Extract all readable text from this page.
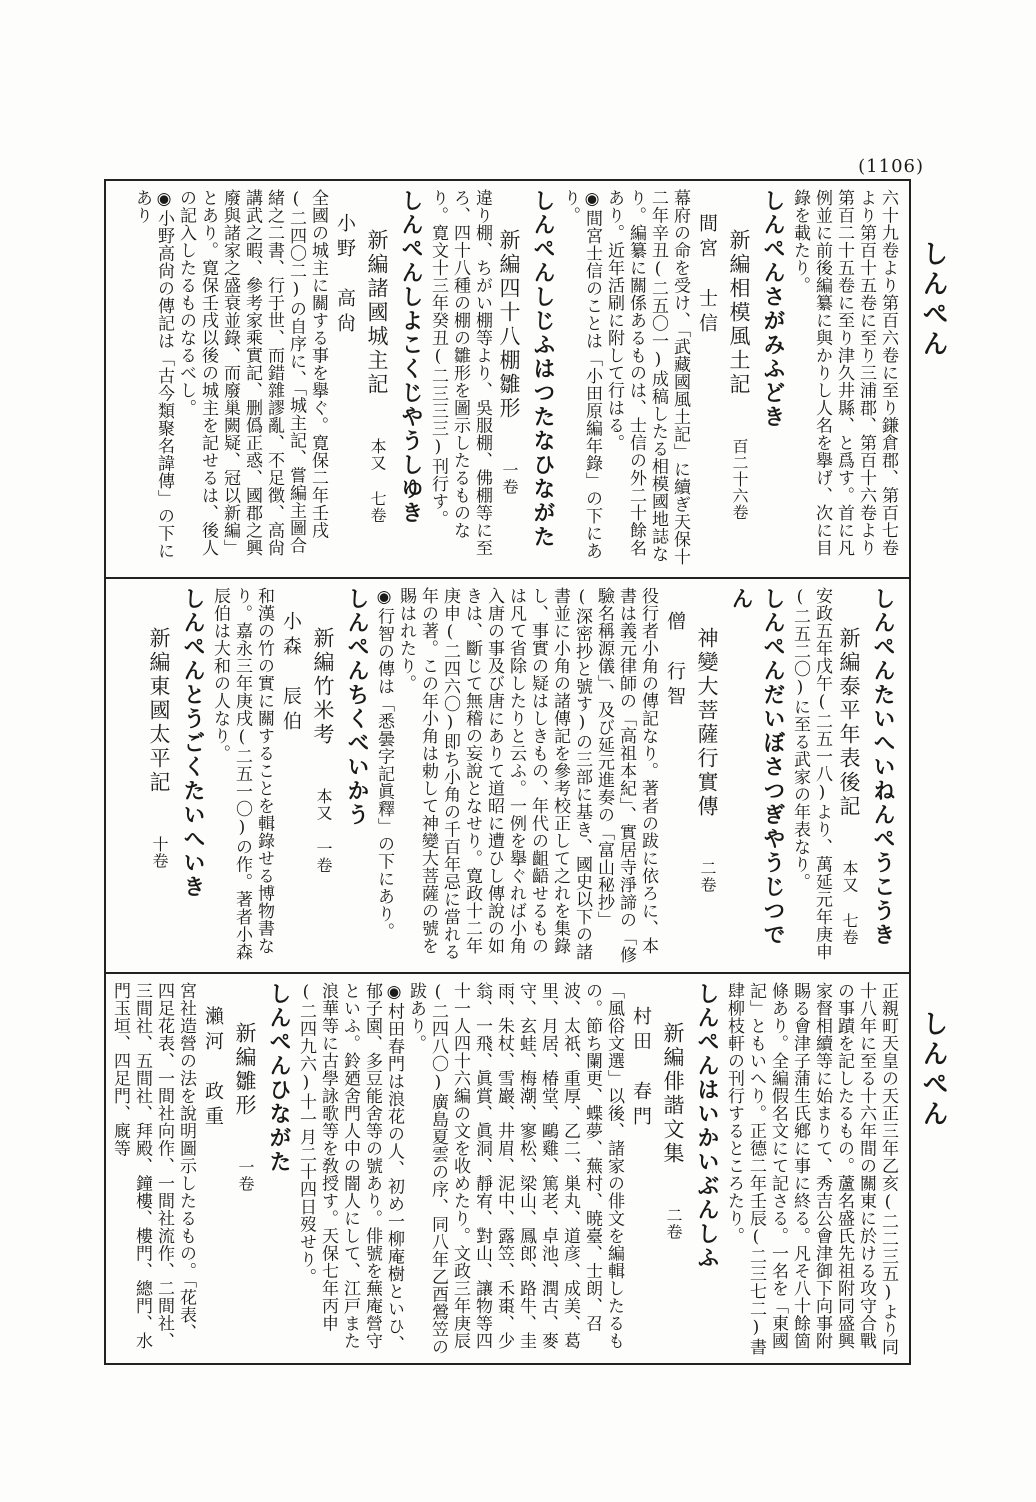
(1106)
しんぺん
しんぺん
六十九卷より第百六卷に至り鎌倉郡、第百七卷より第百十五卷に至り三浦郡、第百十六卷より第百二十五卷に至り津久井縣、と爲す。首に凡例並に前後編纂に與かりし人名を擧げ、次に目錄を載たり。
しんぺんさがみふどき
新編相模風土記 百二十六卷 間宮　士信
幕府の命を受け、「武藏國風土記」に續ぎ天保十二年辛丑(二五〇一)成稿したる相模國地誌なり。編纂に關係あるものは、士信の外二十餘名あり。近年活刷に附して行はる。
◉間宮士信のことは「小田原編年錄」の下にあり。
しんぺんしじふはつたなひながた
新編四十八棚雛形 一卷
違り棚、ちがい棚等より、吳服棚、佛棚等に至ろ、四十八種の棚の雛形を圖示したるものなり。寛文十三年癸丑(二三三三)刊行す。
しんぺんしよこくじやうしゆき
新編諸國城主記 本又 七卷 小野　高尙
全國の城主に關する事を擧ぐ。寛保二年壬戌(二四〇二)の自序に、「城主記、嘗編主圖合緒之二書、行于世、而錯雜謬亂、不足徴、高尙講武之暇、參考家乘實記、删僞正惑、國郡之興廢與諸家之盛衰並錄、而廢巢闕疑、冠以新編」とあり。寛保壬戌以後の城主を記せるは、後人の記入したるものなるべし。
◉小野高尙の傳記は「古今類聚名諱傳」の下にあり
しんぺんたいへいねんぺうこうき
新編泰平年表後記 本又 七卷
安政五年戊午(二五一八)より、萬延元年庚申(二五二〇)に至る武家の年表なり。
しんぺんだいぼさつぎやうじつでん
神變大菩薩行實傳 二卷 僧　行智
役行者小角の傳記なり。著者の跋に依ろに、本書は義元律師の「高祖本紀」、實居寺淨諦の「修驗名稱源儀」、及び延元進奏の「富山秘抄」(深密抄と號す)の三部に基き、國史以下の諸書並に小角の諸傳記を參考校正して之れを集錄し、事實の疑はしきもの、年代の齟齬せるものは凡て省除したりと云ふ。一例を擧ぐれば小角入唐の事及び唐にありて道昭に遭ひし傳說の如きは、斷じて無稽の妄說となせり。寛政十二年庚申(二四六〇)即ち小角の千百年忌に當れる年の著。この年小角は勅して神變大菩薩の號を賜はれたり。
◉行智の傳は「悉曇字記眞釋」の下にあり。
しんぺんちくべいかう
新編竹米考 本又 一卷 小森　辰伯
和漢の竹の實に關することを輯錄せる博物書なり。嘉永三年庚戌(二五一〇)の作。著者小森辰伯は大和の人なり。
しんぺんとうごくたいへいき
新編東國太平記 十卷
正親町天皇の天正三年乙亥(二二三五)より同十八年に至る十六年間の關東に於ける攻守合戰の事蹟を記したるもの。蘆名盛氏先祖附同盛興家督相續等に始まりて、秀吉公會津御下向事附賜る會津子蒲生氏鄕に事に終る。凡そ八十餘箇條あり。全編假名文にて記さる。一名を「東國記」ともいへり。正德二年壬辰(二三七二)書肆柳枝軒の刊行するところたり。
しんぺんはいかいぶんしふ
新編俳諧文集 二卷 村田　春門
「風俗文選」以後、諸家の俳文を編輯したるもの。節ち闌更、蝶夢、蕪村、暁臺、士朗、召波、太祇、重厚、乙二、巣丸、道彦、成美、葛里、月居、椿堂、鷗雞、篤老、卓池、潤古、麥守、玄蛙、梅潮、寥松、梁山、鳳郎、路牛、圭雨、朱杖、雪巖、井眉、泥中、露笠、禾棗、少翁、一飛、眞賞、眞洞、靜宥、對山、讓物等四十一人四十六編の文を收めたり。文政三年庚辰(二四八〇)廣島夏雲の序、同八年乙酉鶯笠の跋あり。
◉村田春門は浪花の人、初め一柳庵樹といひ、郁子園、多豆能舍等の號あり。俳號を蕪庵營守といふ。鈴廼舍門人中の闇人にして、江戸また浪華等に古學詠歌等を敎授す。天保七年丙申(二四九六)十一月二十四日歿せり。
しんぺんひながた
新編雛形 一卷 瀨河　政重
宮社造營の法を說明圖示したるもの。「花表、四足花表、一間社向作、一間社流作、二間社、三間社、五間社、拜殿、鐘樓、樓門、總門、水門玉垣、四足門、廐等
